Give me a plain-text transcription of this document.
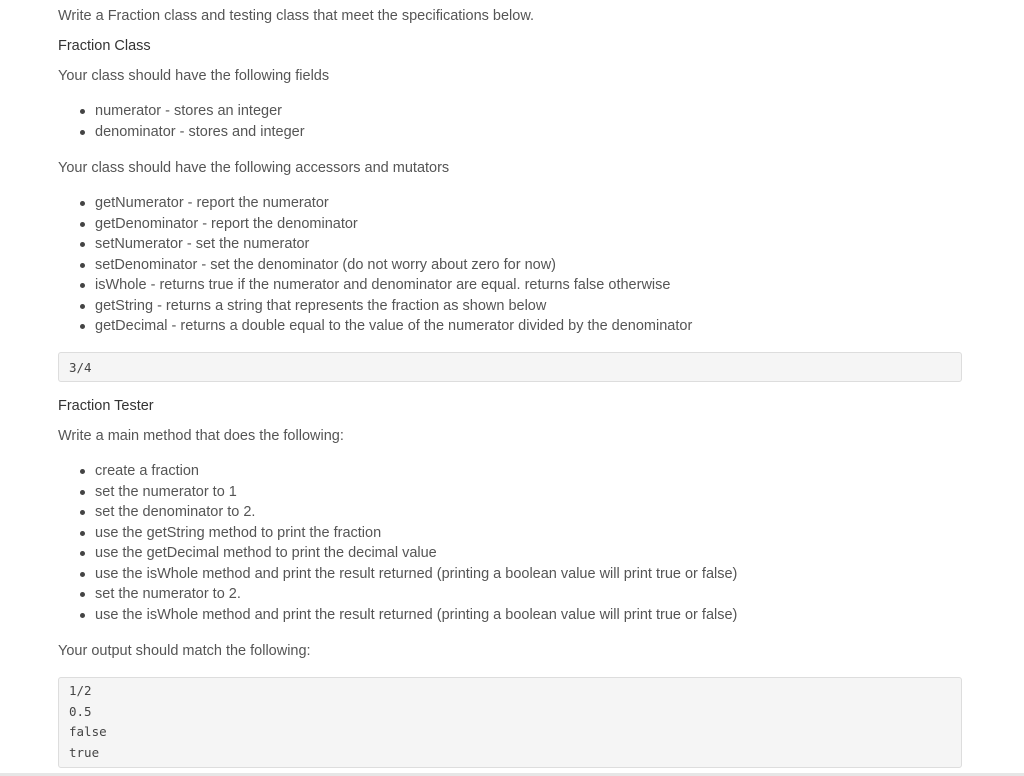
Write a Fraction class and testing class that meet the specifications below.
Fraction Class
Your class should have the following fields
numerator - stores an integer
denominator - stores and integer
Your class should have the following accessors and mutators
getNumerator - report the numerator
getDenominator - report the denominator
setNumerator - set the numerator
setDenominator - set the denominator (do not worry about zero for now)
isWhole - returns true if the numerator and denominator are equal. returns false otherwise
getString - returns a string that represents the fraction as shown below
getDecimal - returns a double equal to the value of the numerator divided by the denominator
3/4
Fraction Tester
Write a main method that does the following:
create a fraction
set the numerator to 1
set the denominator to 2.
use the getString method to print the fraction
use the getDecimal method to print the decimal value
use the isWhole method and print the result returned (printing a boolean value will print true or false)
set the numerator to 2.
use the isWhole method and print the result returned (printing a boolean value will print true or false)
Your output should match the following:
1/2
0.5
false
true
